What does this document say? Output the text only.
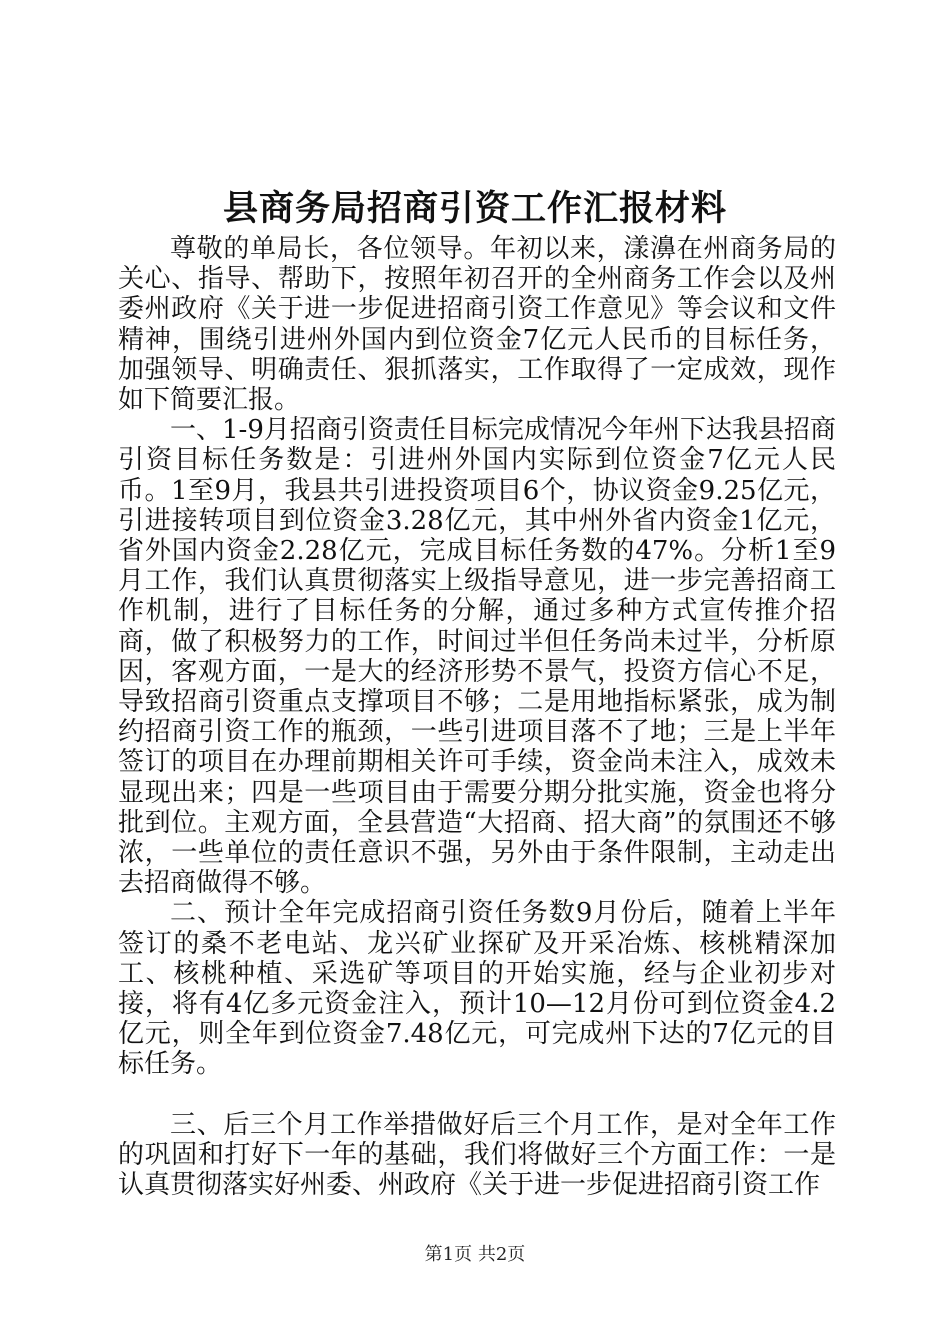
县商务局招商引资工作汇报材料

尊敬的单局长，各位领导。年初以来，漾濞在州商务局的关心、指导、帮助下，按照年初召开的全州商务工作会以及州委州政府《关于进一步促进招商引资工作意见》等会议和文件精神，围绕引进州外国内到位资金7亿元人民币的目标任务，加强领导、明确责任、狠抓落实，工作取得了一定成效，现作如下简要汇报。

一、1-9月招商引资责任目标完成情况今年州下达我县招商引资目标任务数是：引进州外国内实际到位资金7亿元人民币。1至9月，我县共引进投资项目6个，协议资金9.25亿元，引进接转项目到位资金3.28亿元，其中州外省内资金1亿元，省外国内资金2.28亿元，完成目标任务数的47%。分析1至9月工作，我们认真贯彻落实上级指导意见，进一步完善招商工作机制，进行了目标任务的分解，通过多种方式宣传推介招商，做了积极努力的工作，时间过半但任务尚未过半，分析原因，客观方面，一是大的经济形势不景气，投资方信心不足，导致招商引资重点支撑项目不够；二是用地指标紧张，成为制约招商引资工作的瓶颈，一些引进项目落不了地；三是上半年签订的项目在办理前期相关许可手续，资金尚未注入，成效未显现出来；四是一些项目由于需要分期分批实施，资金也将分批到位。主观方面，全县营造“大招商、招大商”的氛围还不够浓，一些单位的责任意识不强，另外由于条件限制，主动走出去招商做得不够。

二、预计全年完成招商引资任务数9月份后，随着上半年签订的桑不老电站、龙兴矿业探矿及开采冶炼、核桃精深加工、核桃种植、采选矿等项目的开始实施，经与企业初步对接，将有4亿多元资金注入，预计10—12月份可到位资金4.2亿元，则全年到位资金7.48亿元，可完成州下达的7亿元的目标任务。

三、后三个月工作举措做好后三个月工作，是对全年工作的巩固和打好下一年的基础，我们将做好三个方面工作：一是认真贯彻落实好州委、州政府《关于进一步促进招商引资工作

第1页 共2页
